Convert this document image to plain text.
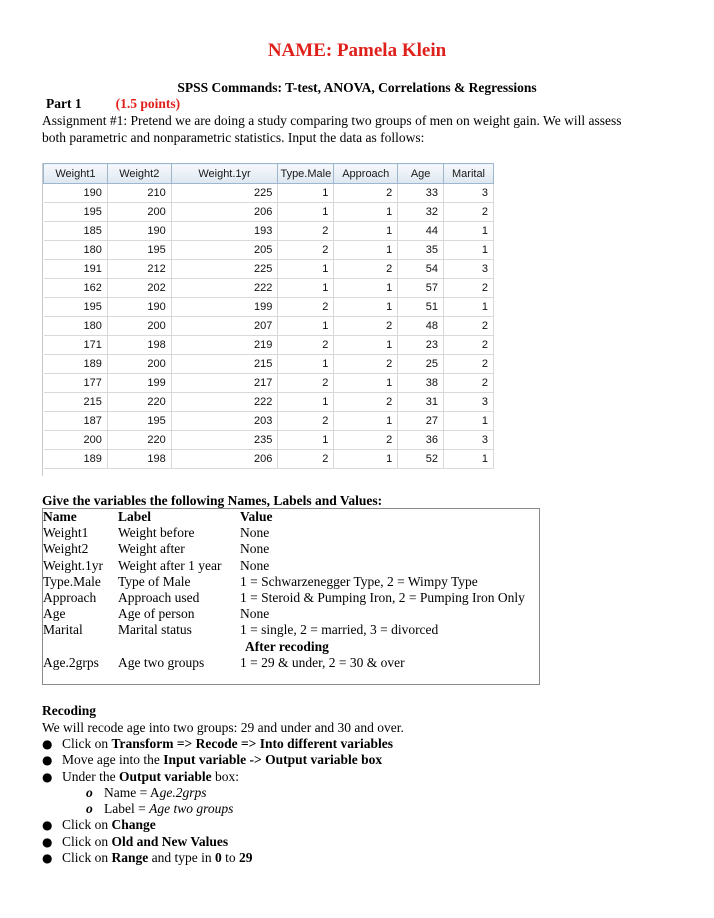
NAME: Pamela Klein
SPSS Commands: T-test, ANOVA, Correlations & Regressions
Part 1	(1.5 points)
Assignment #1: Pretend we are doing a study comparing two groups of men on weight gain. We will assess
both parametric and nonparametric statistics. Input the data as follows:
Weight1	Weight2	Weight.1yr	Type.Male	Approach	Age	Marital
190	210	225	1	2	33	3
195	200	206	1	1	32	2
185	190	193	2	1	44	1
180	195	205	2	1	35	1
191	212	225	1	2	54	3
162	202	222	1	1	57	2
195	190	199	2	1	51	1
180	200	207	1	2	48	2
171	198	219	2	1	23	2
189	200	215	1	2	25	2
177	199	217	2	1	38	2
215	220	222	1	2	31	3
187	195	203	2	1	27	1
200	220	235	1	2	36	3
189	198	206	2	1	52	1
Give the variables the following Names, Labels and Values:
Name	Label	Value
Weight1	Weight before	None
Weight2	Weight after	None
Weight.1yr	Weight after 1 year	None
Type.Male	Type of Male	1 = Schwarzenegger Type, 2 = Wimpy Type
Approach	Approach used	1 = Steroid & Pumping Iron, 2 = Pumping Iron Only
Age	Age of person	None
Marital	Marital status	1 = single, 2 = married, 3 = divorced
		After recoding
Age.2grps	Age two groups	1 = 29 & under, 2 = 30 & over
Recoding
We will recode age into two groups: 29 and under and 30 and over.
● Click on Transform => Recode => Into different variables
● Move age into the Input variable -> Output variable box
● Under the Output variable box:
o Name = Age.2grps
o Label = Age two groups
● Click on Change
● Click on Old and New Values
● Click on Range and type in 0 to 29
